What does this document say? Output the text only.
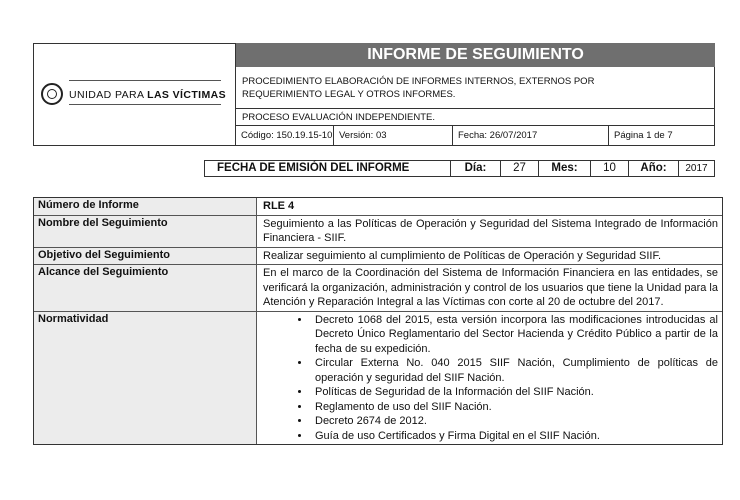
UNIDAD PARA LAS VÍCTIMAS
INFORME DE SEGUIMIENTO
PROCEDIMIENTO ELABORACIÓN DE INFORMES INTERNOS, EXTERNOS POR
REQUERIMIENTO LEGAL Y OTROS INFORMES.
PROCESO EVALUACIÓN INDEPENDIENTE.
Código: 150.19.15-10 Versión: 03	Fecha: 26/07/2017	Página 1 de 7
FECHA DE EMISIÓN DEL INFORME	Día:	27	Mes:	10	Año:	2017
Número de Informe	RLE 4
Nombre del Seguimiento	Seguimiento a las Políticas de Operación y Seguridad del Sistema Integrado de Información Financiera - SIIF.
Objetivo del Seguimiento	Realizar seguimiento al cumplimiento de Políticas de Operación y Seguridad SIIF.
Alcance del Seguimiento	En el marco de la Coordinación del Sistema de Información Financiera en las entidades, se verificará la organización, administración y control de los usuarios que tiene la Unidad para la Atención y Reparación Integral a las Víctimas con corte al 20 de octubre del 2017.
Normatividad
•	Decreto 1068 del 2015, esta versión incorpora las modificaciones introducidas al Decreto Único Reglamentario del Sector Hacienda y Crédito Público a partir de la fecha de su expedición.
• Circular Externa No. 040 2015 SIIF Nación, Cumplimiento de políticas de operación y seguridad del SIIF Nación.
• Políticas de Seguridad de la Información del SIIF Nación.
• Reglamento de uso del SIIF Nación.
• Decreto 2674 de 2012.
• Guía de uso Certificados y Firma Digital en el SIIF Nación.
